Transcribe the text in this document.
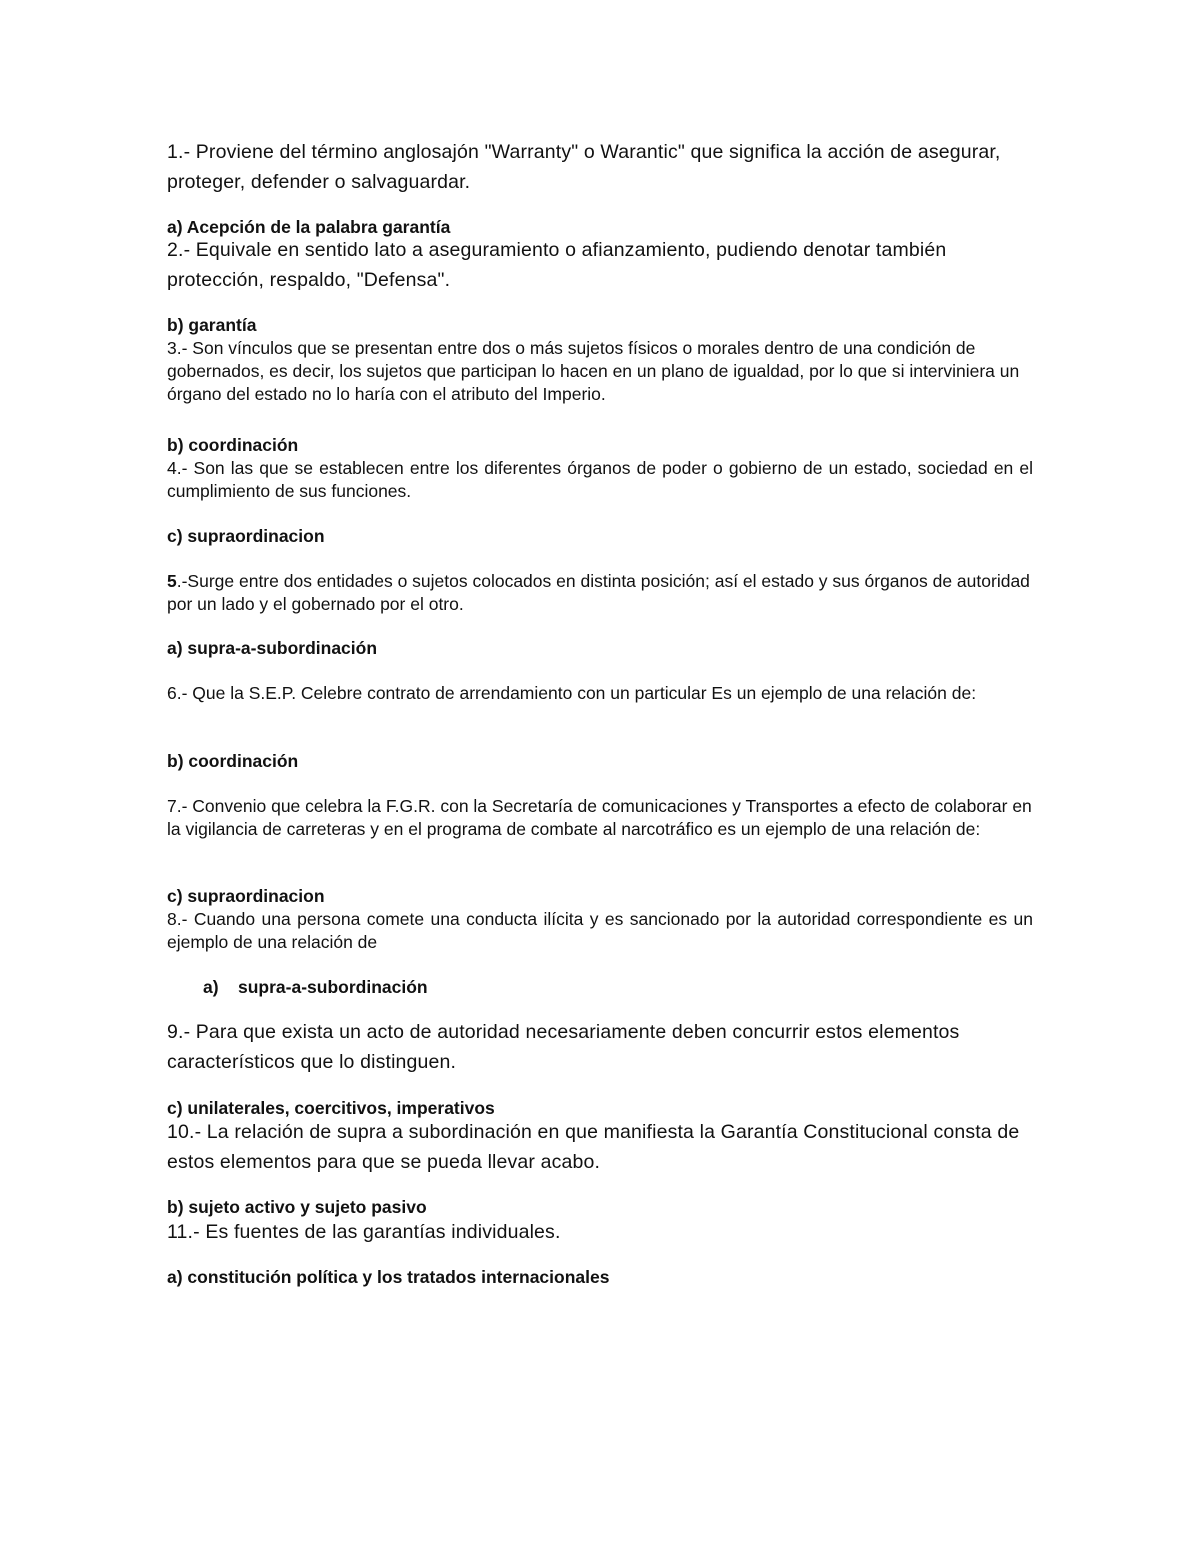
1.- Proviene del término anglosajón "Warranty" o Warantic" que significa la acción de asegurar, proteger, defender o salvaguardar.

a) Acepción de la palabra garantía

2.- Equivale en sentido lato a aseguramiento o afianzamiento, pudiendo denotar también protección, respaldo, "Defensa".

b) garantía

3.- Son vínculos que se presentan entre dos o más sujetos físicos o morales dentro de una condición de gobernados, es decir, los sujetos que participan lo hacen en un plano de igualdad, por lo que si interviniera un órgano del estado no lo haría con el atributo del Imperio.

b) coordinación

4.- Son las que se establecen entre los diferentes órganos de poder o gobierno de un estado, sociedad en el cumplimiento de sus funciones.

c) supraordinacion

5.-Surge entre dos entidades o sujetos colocados en distinta posición; así el estado y sus órganos de autoridad por un lado y el gobernado por el otro.

a) supra-a-subordinación

6.- Que la S.E.P. Celebre contrato de arrendamiento con un particular Es un ejemplo de una relación de:

b) coordinación

7.- Convenio que celebra la F.G.R. con la Secretaría de comunicaciones y Transportes a efecto de colaborar en la vigilancia de carreteras y en el programa de combate al narcotráfico es un ejemplo de una relación de:

c) supraordinacion

8.- Cuando una persona comete una conducta ilícita y es sancionado por la autoridad correspondiente es un ejemplo de una relación de

a) supra-a-subordinación

9.- Para que exista un acto de autoridad necesariamente deben concurrir estos elementos característicos que lo distinguen.

c) unilaterales, coercitivos, imperativos

10.- La relación de supra a subordinación en que manifiesta la Garantía Constitucional consta de estos elementos para que se pueda llevar acabo.

b) sujeto activo y sujeto pasivo

11.- Es fuentes de las garantías individuales.

a) constitución política y los tratados internacionales
